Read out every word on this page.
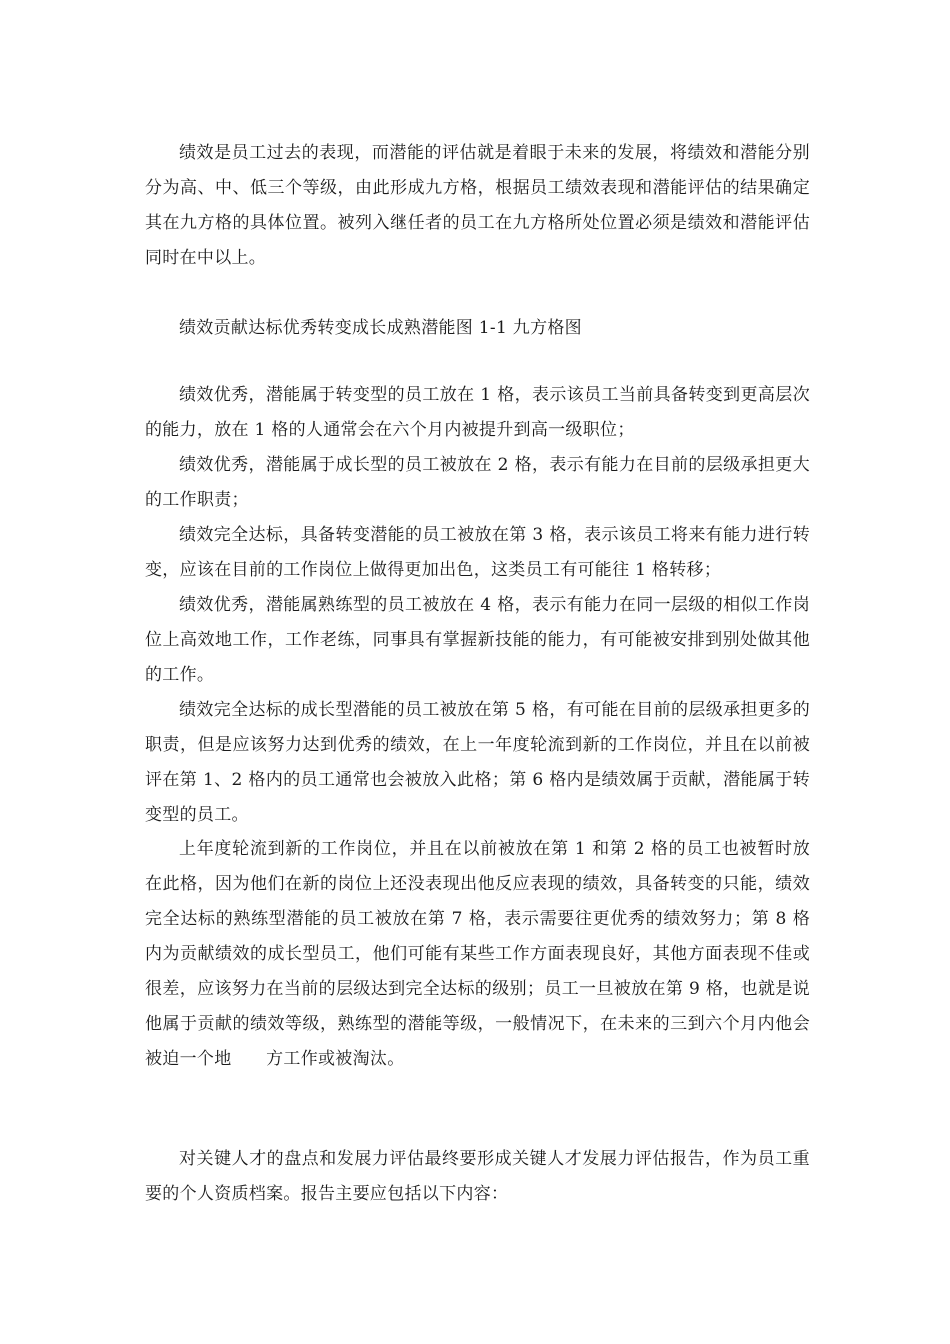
绩效是员工过去的表现，而潜能的评估就是着眼于未来的发展，将绩效和潜能分别分为高、中、低三个等级，由此形成九方格，根据员工绩效表现和潜能评估的结果确定其在九方格的具体位置。被列入继任者的员工在九方格所处位置必须是绩效和潜能评估同时在中以上。

绩效贡献达标优秀转变成长成熟潜能图 1-1 九方格图

绩效优秀，潜能属于转变型的员工放在 1 格，表示该员工当前具备转变到更高层次的能力，放在 1 格的人通常会在六个月内被提升到高一级职位；

绩效优秀，潜能属于成长型的员工被放在 2 格，表示有能力在目前的层级承担更大的工作职责；

绩效完全达标，具备转变潜能的员工被放在第 3 格，表示该员工将来有能力进行转变，应该在目前的工作岗位上做得更加出色，这类员工有可能往 1 格转移；

绩效优秀，潜能属熟练型的员工被放在 4 格，表示有能力在同一层级的相似工作岗位上高效地工作，工作老练，同事具有掌握新技能的能力，有可能被安排到别处做其他的工作。

绩效完全达标的成长型潜能的员工被放在第 5 格，有可能在目前的层级承担更多的职责，但是应该努力达到优秀的绩效，在上一年度轮流到新的工作岗位，并且在以前被评在第 1、2 格内的员工通常也会被放入此格；第 6 格内是绩效属于贡献，潜能属于转变型的员工。

上年度轮流到新的工作岗位，并且在以前被放在第 1 和第 2 格的员工也被暂时放在此格，因为他们在新的岗位上还没表现出他反应表现的绩效，具备转变的只能，绩效完全达标的熟练型潜能的员工被放在第 7 格，表示需要往更优秀的绩效努力；第 8 格内为贡献绩效的成长型员工，他们可能有某些工作方面表现良好，其他方面表现不佳或很差，应该努力在当前的层级达到完全达标的级别；员工一旦被放在第 9 格，也就是说他属于贡献的绩效等级，熟练型的潜能等级，一般情况下，在未来的三到六个月内他会被迫一个地　　方工作或被淘汰。

对关键人才的盘点和发展力评估最终要形成关键人才发展力评估报告，作为员工重要的个人资质档案。报告主要应包括以下内容：
